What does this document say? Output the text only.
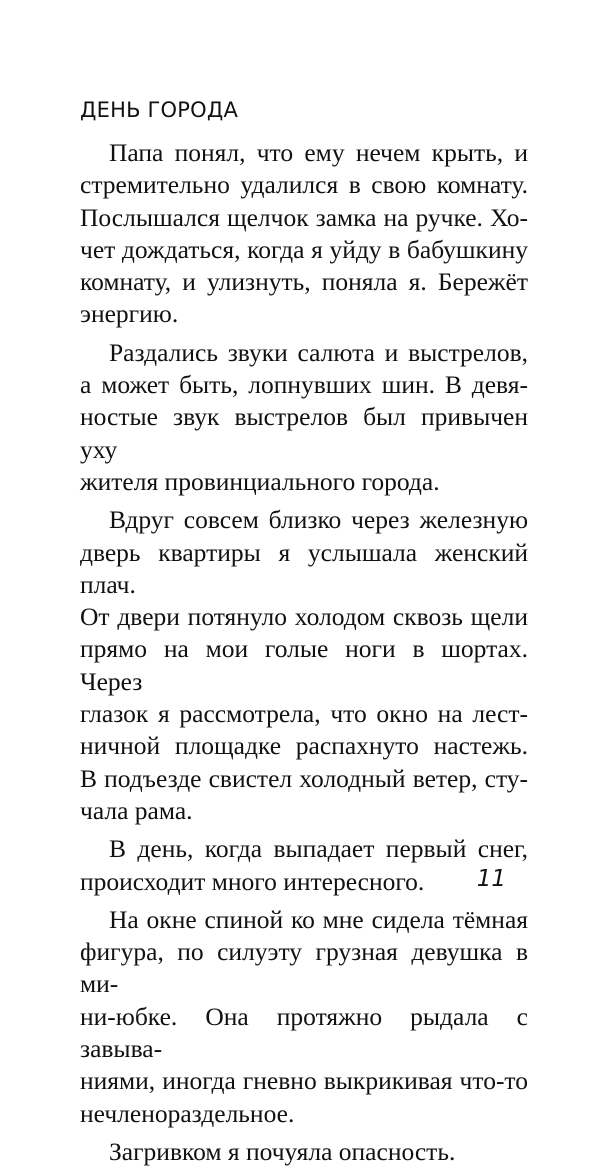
ДЕНЬ ГОРОДА
Папа понял, что ему нечем крыть, и
стремительно удалился в свою комнату.
Послышался щелчок замка на ручке. Хо-
чет дождаться, когда я уйду в бабушкину
комнату, и улизнуть, поняла я. Бережёт
энергию.
Раздались звуки салюта и выстрелов,
а может быть, лопнувших шин. В девя-
ностые звук выстрелов был привычен уху
жителя провинциального города.
Вдруг совсем близко через железную
дверь квартиры я услышала женский плач.
От двери потянуло холодом сквозь щели
прямо на мои голые ноги в шортах. Через
глазок я рассмотрела, что окно на лест-
ничной площадке распахнуто настежь.
В подъезде свистел холодный ветер, сту-
чала рама.
В день, когда выпадает первый снег,
происходит много интересного.
На окне спиной ко мне сидела тёмная
фигура, по силуэту грузная девушка в ми-
ни-юбке. Она протяжно рыдала с завыва-
ниями, иногда гневно выкрикивая что-то
нечленораздельное.
Загривком я почуяла опасность.
11
